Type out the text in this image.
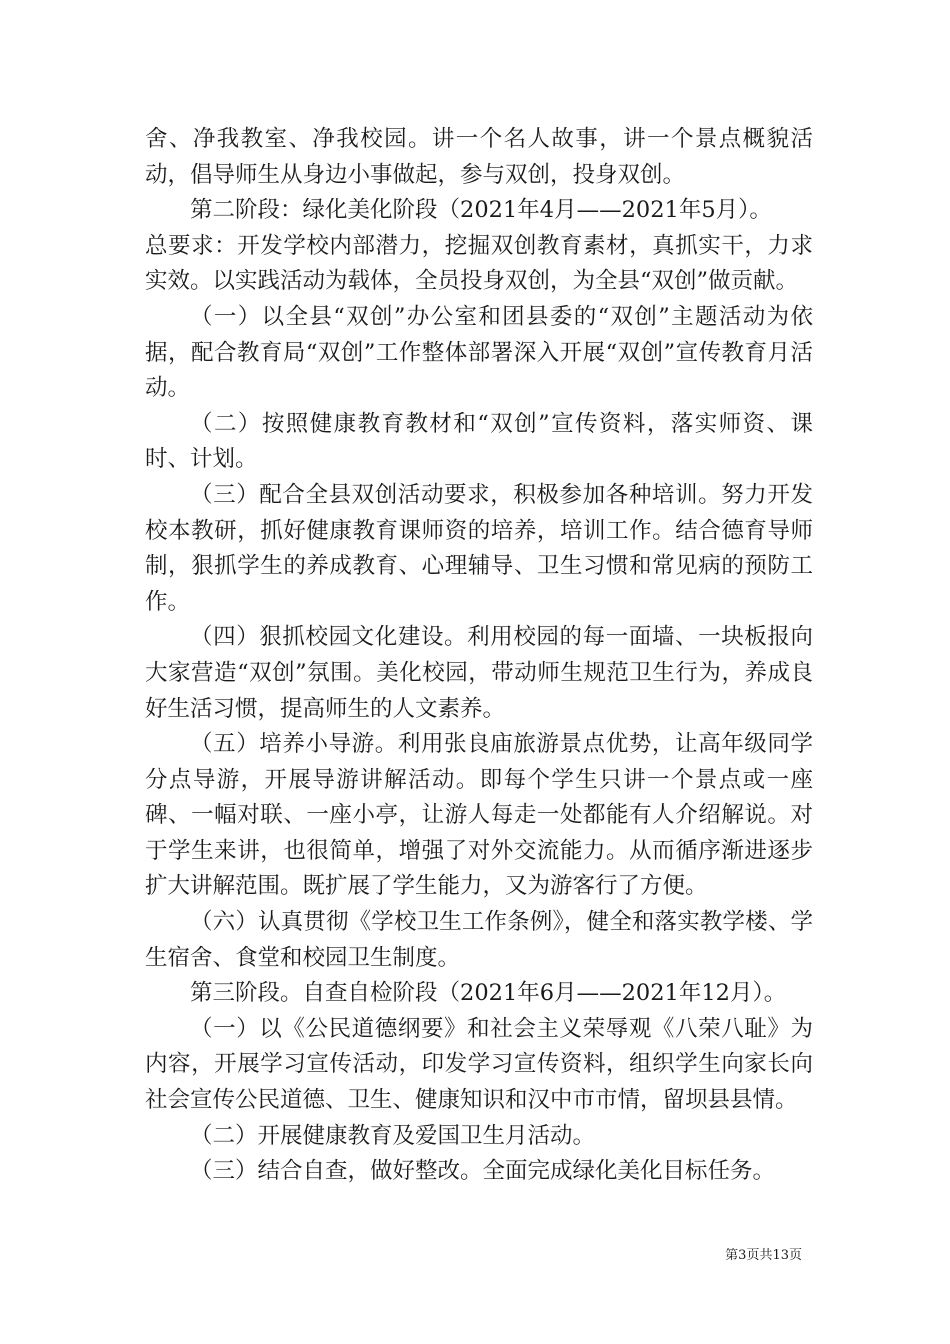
舍、净我教室、净我校园。讲一个名人故事，讲一个景点概貌活动，倡导师生从身边小事做起，参与双创，投身双创。

第二阶段：绿化美化阶段（2021年4月——2021年5月）。

总要求：开发学校内部潜力，挖掘双创教育素材，真抓实干，力求实效。以实践活动为载体，全员投身双创，为全县“双创”做贡献。

（一）以全县“双创”办公室和团县委的“双创”主题活动为依据，配合教育局“双创”工作整体部署深入开展“双创”宣传教育月活动。

（二）按照健康教育教材和“双创”宣传资料，落实师资、课时、计划。

（三）配合全县双创活动要求，积极参加各种培训。努力开发校本教研，抓好健康教育课师资的培养，培训工作。结合德育导师制，狠抓学生的养成教育、心理辅导、卫生习惯和常见病的预防工作。

（四）狠抓校园文化建设。利用校园的每一面墙、一块板报向大家营造“双创”氛围。美化校园，带动师生规范卫生行为，养成良好生活习惯，提高师生的人文素养。

（五）培养小导游。利用张良庙旅游景点优势，让高年级同学分点导游，开展导游讲解活动。即每个学生只讲一个景点或一座碑、一幅对联、一座小亭，让游人每走一处都能有人介绍解说。对于学生来讲，也很简单，增强了对外交流能力。从而循序渐进逐步扩大讲解范围。既扩展了学生能力，又为游客行了方便。

（六）认真贯彻《学校卫生工作条例》，健全和落实教学楼、学生宿舍、食堂和校园卫生制度。

第三阶段。自查自检阶段（2021年6月——2021年12月）。

（一）以《公民道德纲要》和社会主义荣辱观《八荣八耻》为内容，开展学习宣传活动，印发学习宣传资料，组织学生向家长向社会宣传公民道德、卫生、健康知识和汉中市市情，留坝县县情。

（二）开展健康教育及爱国卫生月活动。

（三）结合自查，做好整改。全面完成绿化美化目标任务。

第3页共13页
